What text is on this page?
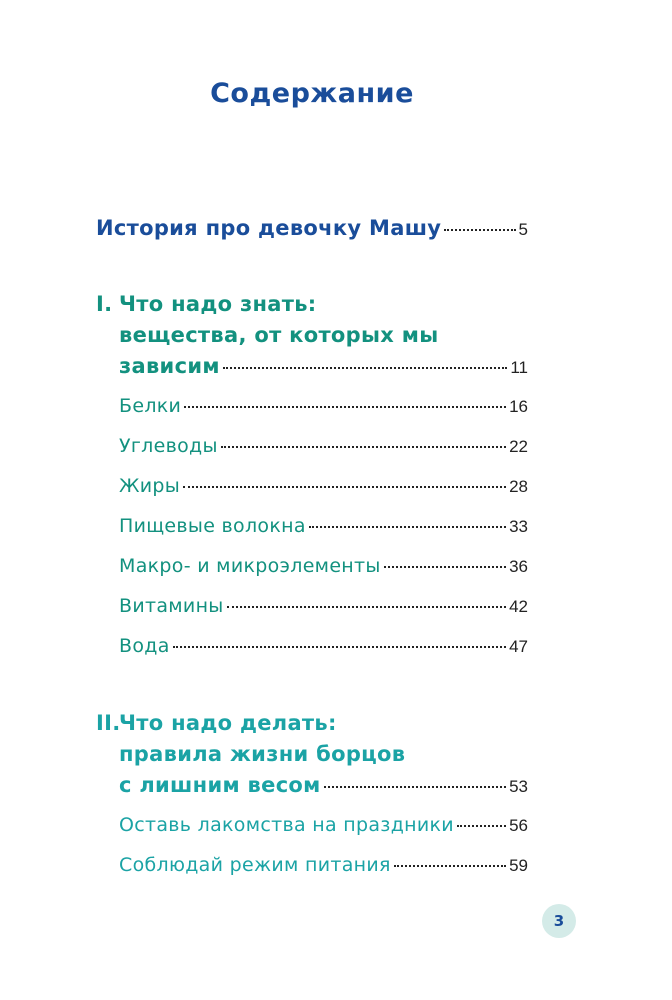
Содержание
История про девочку Машу	5
I. Что надо знать:
вещества, от которых мы
зависим	11
Белки	16
Углеводы	22
Жиры	28
Пищевые волокна	33
Макро- и микроэлементы	36
Витамины	42
Вода	47
II.
Что надо делать:
правила жизни борцов
с лишним весом	53
Оставь лакомства на праздники	56
Соблюдай режим питания	59
3
